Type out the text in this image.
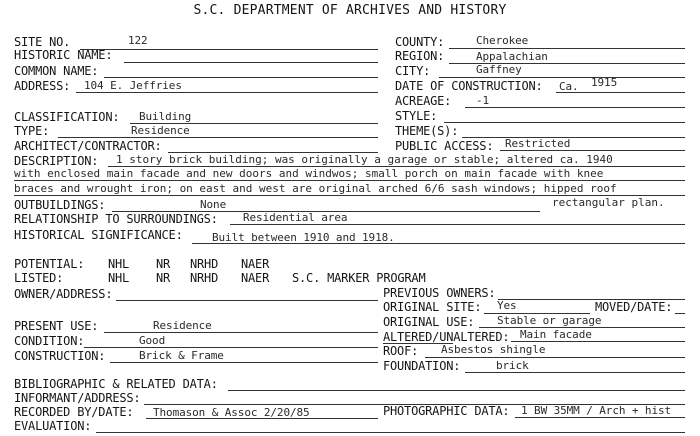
S.C. DEPARTMENT OF ARCHIVES AND HISTORY
SITE NO.	122
HISTORIC NAME:
COMMON NAME:
ADDRESS: 104 E. Jeffries
COUNTY:	Cherokee
REGION:	Appalachian
CITY:	Gaffney
DATE OF CONSTRUCTION: Ca. 1915
ACREAGE: -1
CLASSIFICATION: Building
TYPE:	Residence
ARCHITECT/CONTRACTOR:
STYLE:
THEME(S):
PUBLIC ACCESS: Restricted
DESCRIPTION: 1 story brick building; was originally a garage or stable; altered ca. 1940
with enclosed main facade and new doors and windwos; small porch on main facade with knee
braces and wrought iron; on east and west are original arched 6/6 sash windows; hipped roof
rectangular plan.
OUTBUILDINGS:	None
RELATIONSHIP TO SURROUNDINGS: Residential area
HISTORICAL SIGNIFICANCE:	Built between 1910 and 1918.
POTENTIAL: NHL NR NRHD NAER
LISTED:	NHL NR NRHD NAER S.C. MARKER PROGRAM
OWNER/ADDRESS:	PREVIOUS OWNERS:
ORIGINAL SITE: Yes	MOVED/DATE:
PRESENT USE:	Residence
CONDITION:	Good
CONSTRUCTION:	Brick & Frame
ORIGINAL USE: Stable or garage
ALTERED/UNALTERED: Main facade
ROOF: Asbestos shingle
FOUNDATION:	brick
BIBLIOGRAPHIC & RELATED DATA:
INFORMANT/ADDRESS:
RECORDED BY/DATE: Thomason & Assoc 2/20/85	PHOTOGRAPHIC DATA: 1 BW 35MM / Arch + hist
EVALUATION:
